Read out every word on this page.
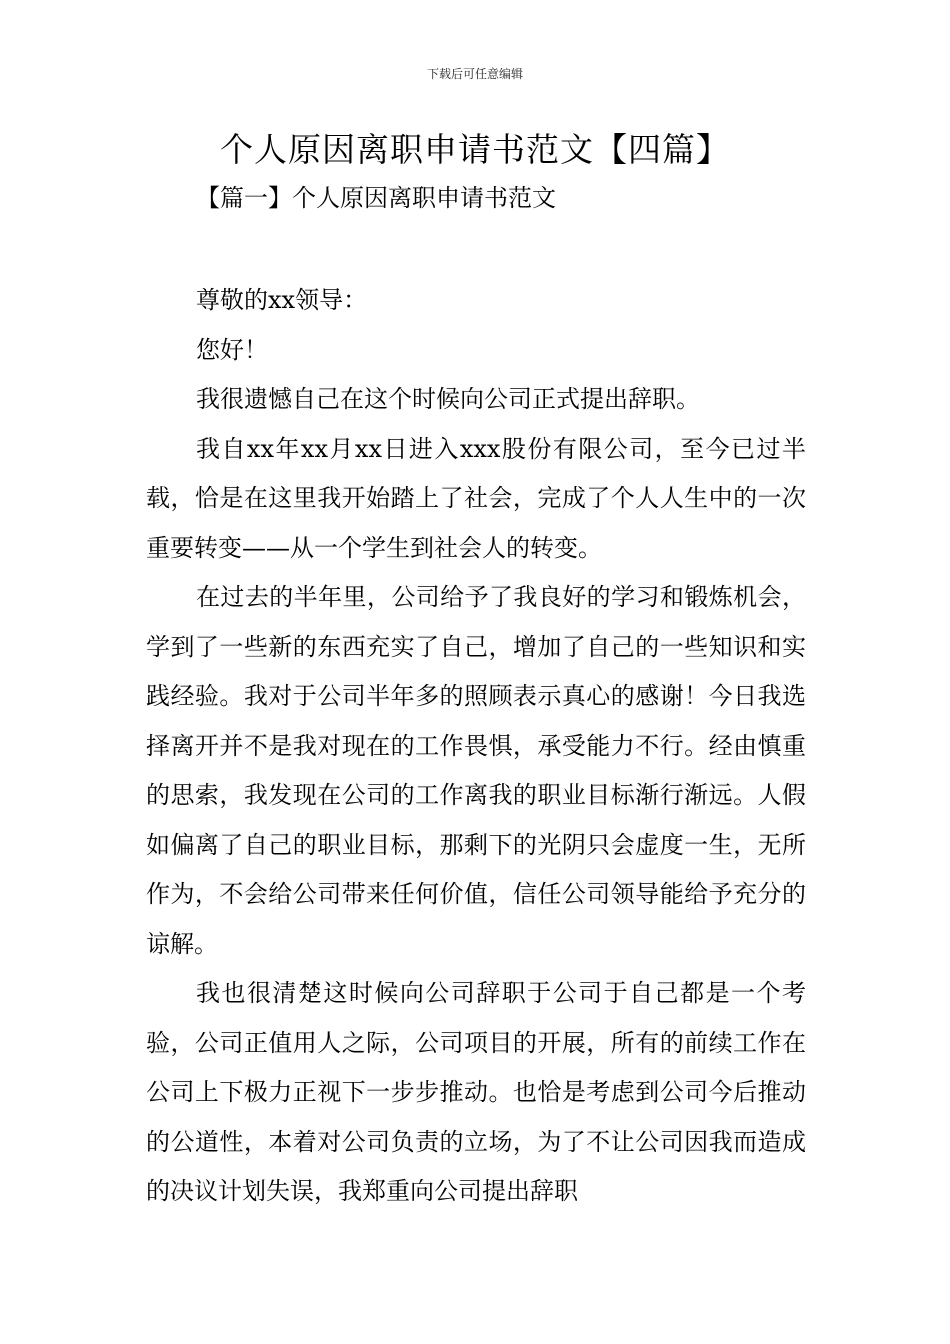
下载后可任意编辑
个人原因离职申请书范文【四篇】
【篇一】个人原因离职申请书范文

尊敬的xx领导：

您好！

我很遗憾自己在这个时候向公司正式提出辞职。

我自xx年xx月xx日进入xxx股份有限公司，至今已过半载，恰是在这里我开始踏上了社会，完成了个人人生中的一次重要转变——从一个学生到社会人的转变。

在过去的半年里，公司给予了我良好的学习和锻炼机会，学到了一些新的东西充实了自己，增加了自己的一些知识和实践经验。我对于公司半年多的照顾表示真心的感谢！今日我选择离开并不是我对现在的工作畏惧，承受能力不行。经由慎重的思索，我发现在公司的工作离我的职业目标渐行渐远。人假如偏离了自己的职业目标，那剩下的光阴只会虚度一生，无所作为，不会给公司带来任何价值，信任公司领导能给予充分的谅解。

我也很清楚这时候向公司辞职于公司于自己都是一个考验，公司正值用人之际，公司项目的开展，所有的前续工作在公司上下极力正视下一步步推动。也恰是考虑到公司今后推动的公道性，本着对公司负责的立场，为了不让公司因我而造成的决议计划失误，我郑重向公司提出辞职
